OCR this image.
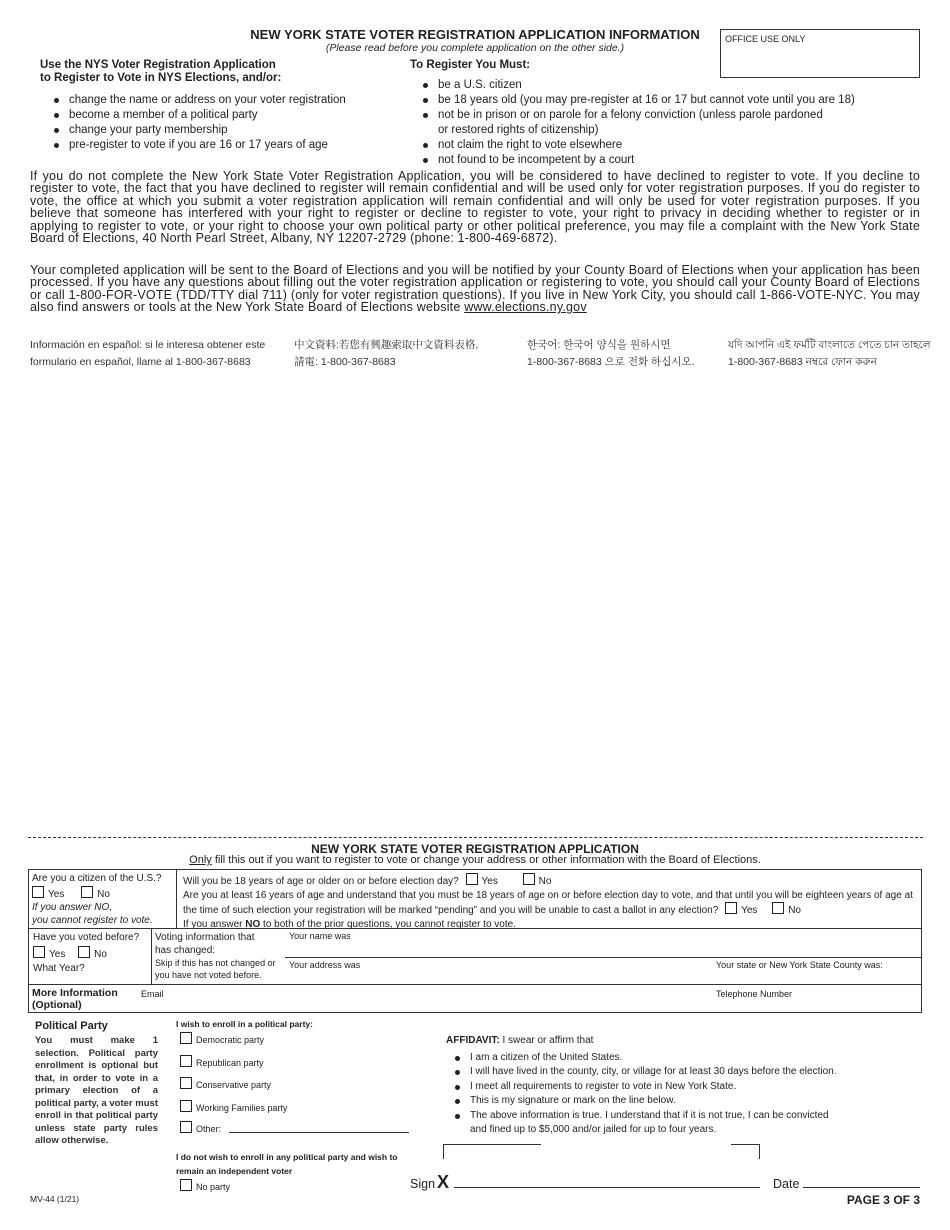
NEW YORK STATE VOTER REGISTRATION APPLICATION INFORMATION
(Please read before you complete application on the other side.)
OFFICE USE ONLY
Use the NYS Voter Registration Application
to Register to Vote in NYS Elections, and/or:
change the name or address on your voter registration
become a member of a political party
change your party membership
pre-register to vote if you are 16 or 17 years of age
To Register You Must:
be a U.S. citizen
be 18 years old (you may pre-register at 16 or 17 but cannot vote until you are 18)
not be in prison or on parole for a felony conviction (unless parole pardoned
or restored rights of citizenship)
not claim the right to vote elsewhere
not found to be incompetent by a court
If you do not complete the New York State Voter Registration Application, you will be considered to have declined to register to vote. If you decline to register to vote, the fact that you have declined to register will remain confidential and will be used only for voter registration purposes. If you do register to vote, the office at which you submit a voter registration application will remain confidential and will only be used for voter registration purposes. If you believe that someone has interfered with your right to register or decline to register to vote, your right to privacy in deciding whether to register or in applying to register to vote, or your right to choose your own political party or other political preference, you may file a complaint with the New York State Board of Elections, 40 North Pearl Street, Albany, NY 12207-2729 (phone: 1-800-469-6872).
Your completed application will be sent to the Board of Elections and you will be notified by your County Board of Elections when your application has been processed. If you have any questions about filling out the voter registration application or registering to vote, you should call your County Board of Elections or call 1-800-FOR-VOTE (TDD/TTY dial 711) (only for voter registration questions). If you live in New York City, you should call 1-866-VOTE-NYC. You may also find answers or tools at the New York State Board of Elections website www.elections.ny.gov
Información en español: si le interesa obtener este
formulario en español, llame al 1-800-367-8683
中文資料:若您有興趣索取中文資料表格,
請電: 1-800-367-8683
한국어: 한국어 양식을 원하시면
1-800-367-8683 으로 전화 하십시오.
যদি আপনি এই ফর্মটি বাংলাতে পেতে চান তাহলে
1-800-367-8683 নম্বরে ফোন করুন
NEW YORK STATE VOTER REGISTRATION APPLICATION
Only fill this out if you want to register to vote or change your address or other information with the Board of Elections.
Are you a citizen of the U.S.?
Yes	No
If you answer NO,
you cannot register to vote.
Will you be 18 years of age or older on or before election day? Yes	No
Are you at least 16 years of age and understand that you must be 18 years of age on or before election day to vote, and that until you will be eighteen years of age at the time of such election your registration will be marked “pending” and you will be unable to cast a ballot in any election? Yes	No
If you answer NO to both of the prior questions, you cannot register to vote.
Have you voted before?
Yes	No
What Year?
Voting information that
has changed:
Skip if this has not changed or
you have not voted before.
Your name was
Your address was	Your state or New York State County was:
More Information
(Optional)
Email	Telephone Number
Political Party
You must make 1 selection. Political party enrollment is optional but that, in order to vote in a primary election of a political party, a voter must enroll in that political party unless state party rules allow otherwise.
I wish to enroll in a political party:
Democratic party
Republican party
Conservative party
Working Families party
Other:
I do not wish to enroll in any political party and wish to
remain an independent voter
No party
AFFIDAVIT: I swear or affirm that
I am a citizen of the United States.
I will have lived in the county, city, or village for at least 30 days before the election.
I meet all requirements to register to vote in New York State.
This is my signature or mark on the line below.
The above information is true. I understand that if it is not true, I can be convicted
and fined up to $5,000 and/or jailed for up to four years.
Sign X	Date
MV-44 (1/21)	PAGE 3 OF 3
